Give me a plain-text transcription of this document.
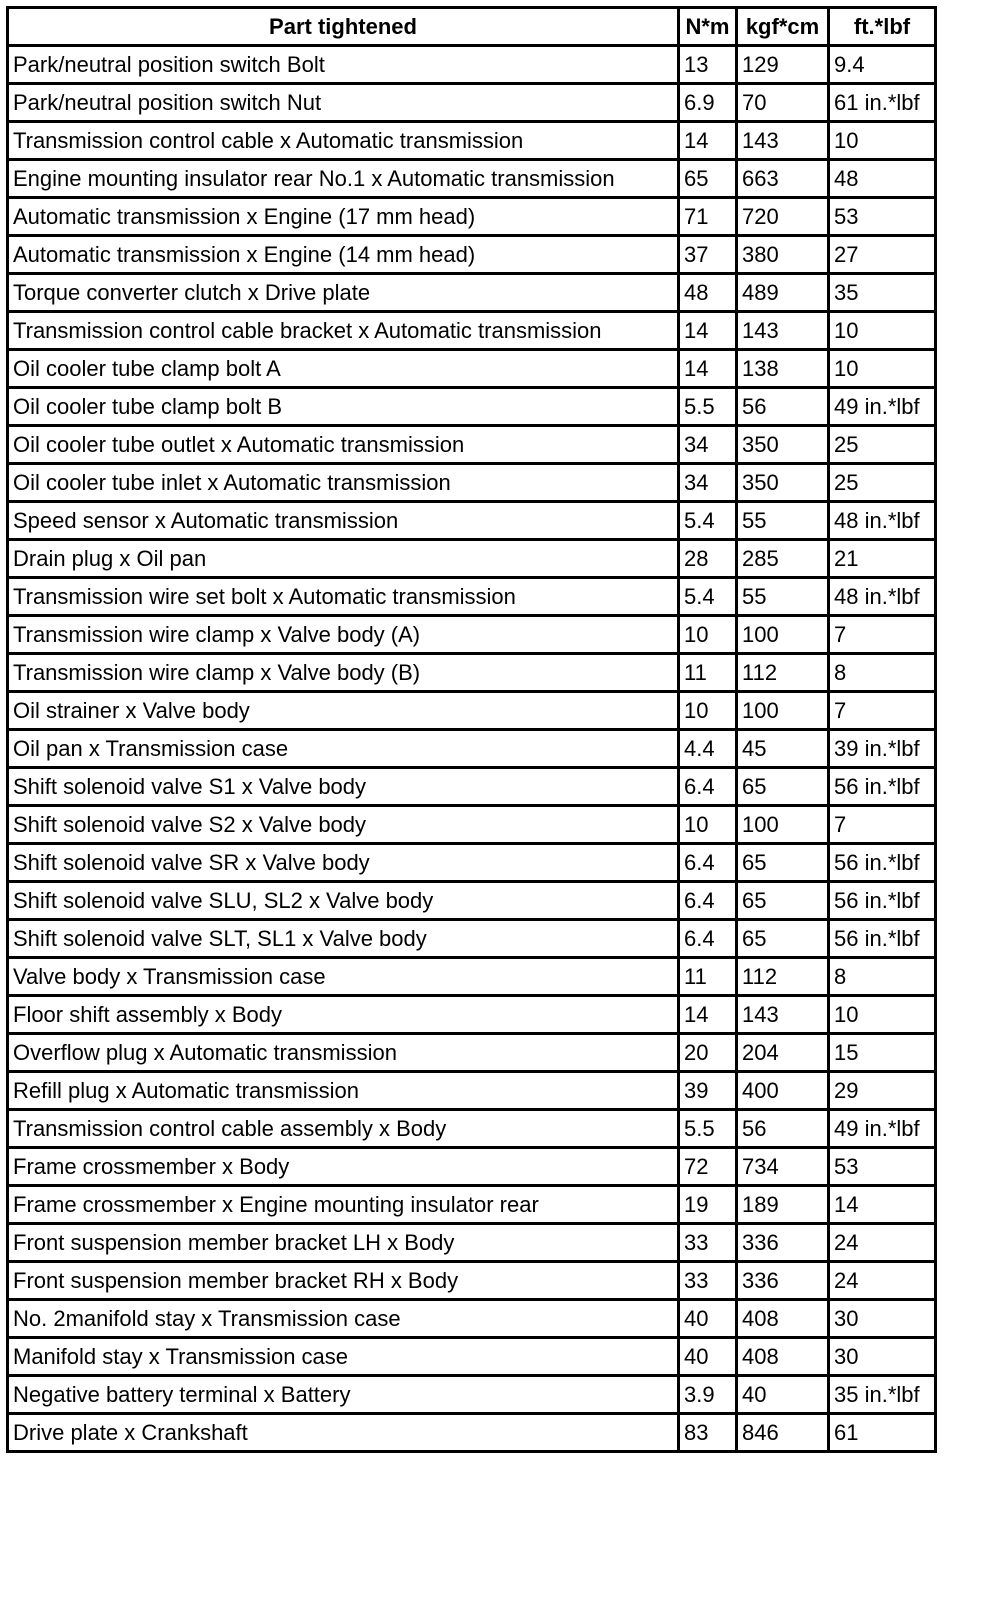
Part tightened	N*m	kgf*cm	ft.*lbf
Park/neutral position switch Bolt	13	129	9.4
Park/neutral position switch Nut	6.9	70	61 in.*lbf
Transmission control cable x Automatic transmission	14	143	10
Engine mounting insulator rear No.1 x Automatic transmission	65	663	48
Automatic transmission x Engine (17 mm head)	71	720	53
Automatic transmission x Engine (14 mm head)	37	380	27
Torque converter clutch x Drive plate	48	489	35
Transmission control cable bracket x Automatic transmission	14	143	10
Oil cooler tube clamp bolt A	14	138	10
Oil cooler tube clamp bolt B	5.5	56	49 in.*lbf
Oil cooler tube outlet x Automatic transmission	34	350	25
Oil cooler tube inlet x Automatic transmission	34	350	25
Speed sensor x Automatic transmission	5.4	55	48 in.*lbf
Drain plug x Oil pan	28	285	21
Transmission wire set bolt x Automatic transmission	5.4	55	48 in.*lbf
Transmission wire clamp x Valve body (A)	10	100	7
Transmission wire clamp x Valve body (B)	11	112	8
Oil strainer x Valve body	10	100	7
Oil pan x Transmission case	4.4	45	39 in.*lbf
Shift solenoid valve S1 x Valve body	6.4	65	56 in.*lbf
Shift solenoid valve S2 x Valve body	10	100	7
Shift solenoid valve SR x Valve body	6.4	65	56 in.*lbf
Shift solenoid valve SLU, SL2 x Valve body	6.4	65	56 in.*lbf
Shift solenoid valve SLT, SL1 x Valve body	6.4	65	56 in.*lbf
Valve body x Transmission case	11	112	8
Floor shift assembly x Body	14	143	10
Overflow plug x Automatic transmission	20	204	15
Refill plug x Automatic transmission	39	400	29
Transmission control cable assembly x Body	5.5	56	49 in.*lbf
Frame crossmember x Body	72	734	53
Frame crossmember x Engine mounting insulator rear	19	189	14
Front suspension member bracket LH x Body	33	336	24
Front suspension member bracket RH x Body	33	336	24
No. 2manifold stay x Transmission case	40	408	30
Manifold stay x Transmission case	40	408	30
Negative battery terminal x Battery	3.9	40	35 in.*lbf
Drive plate x Crankshaft	83	846	61
